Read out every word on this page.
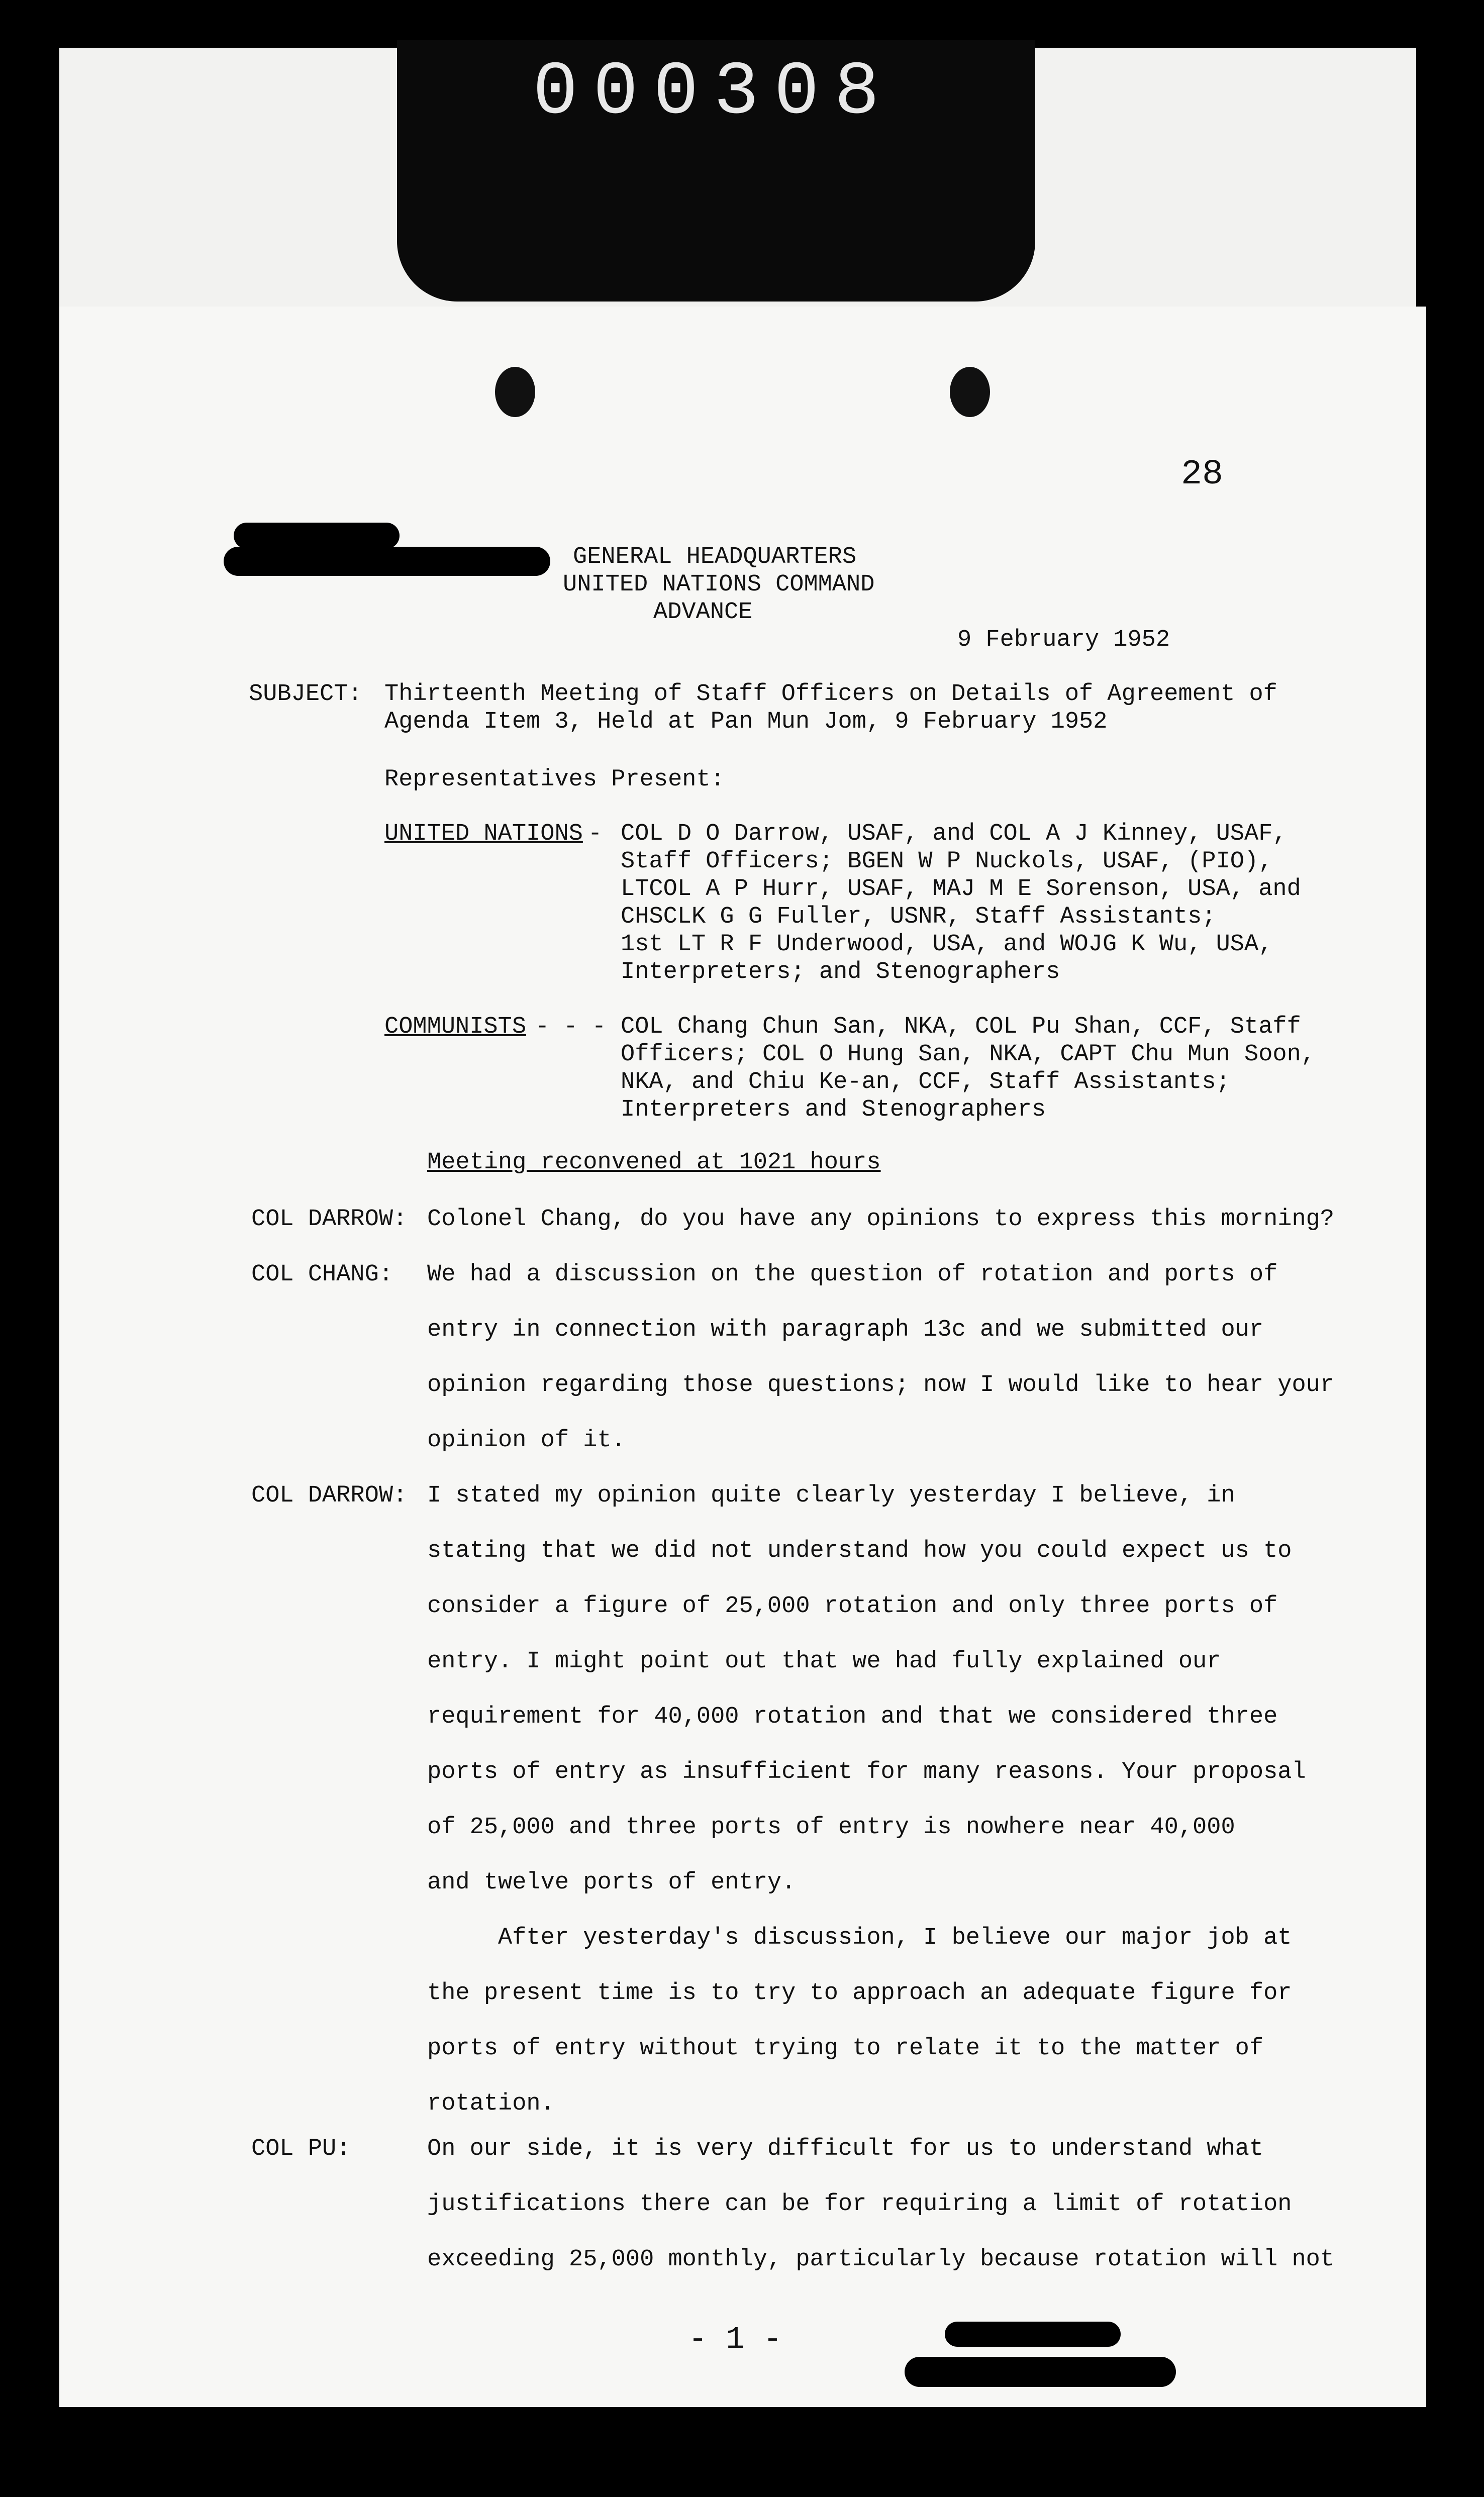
000308
28
GENERAL HEADQUARTERS
UNITED NATIONS COMMAND
ADVANCE
9 February 1952
SUBJECT: Thirteenth Meeting of Staff Officers on Details of Agreement of
Agenda Item 3, Held at Pan Mun Jom, 9 February 1952
Representatives Present:
UNITED NATIONS - COL D O Darrow, USAF, and COL A J Kinney, USAF,
Staff Officers; BGEN W P Nuckols, USAF, (PIO),
LTCOL A P Hurr, USAF, MAJ M E Sorenson, USA, and
CHSCLK G G Fuller, USNR, Staff Assistants;
1st LT R F Underwood, USA, and WOJG K Wu, USA,
Interpreters; and Stenographers
COMMUNISTS - - - COL Chang Chun San, NKA, COL Pu Shan, CCF, Staff
Officers; COL O Hung San, NKA, CAPT Chu Mun Soon,
NKA, and Chiu Ke-an, CCF, Staff Assistants;
Interpreters and Stenographers
Meeting reconvened at 1021 hours
COL DARROW: Colonel Chang, do you have any opinions to express this morning?
COL CHANG: We had a discussion on the question of rotation and ports of
entry in connection with paragraph 13c and we submitted our
opinion regarding those questions; now I would like to hear your
opinion of it.
COL DARROW: I stated my opinion quite clearly yesterday I believe, in
stating that we did not understand how you could expect us to
consider a figure of 25,000 rotation and only three ports of
entry. I might point out that we had fully explained our
requirement for 40,000 rotation and that we considered three
ports of entry as insufficient for many reasons. Your proposal
of 25,000 and three ports of entry is nowhere near 40,000
and twelve ports of entry.
After yesterday's discussion, I believe our major job at
the present time is to try to approach an adequate figure for
ports of entry without trying to relate it to the matter of
rotation.
COL PU:	On our side, it is very difficult for us to understand what
justifications there can be for requiring a limit of rotation
exceeding 25,000 monthly, particularly because rotation will not
- 1 -
